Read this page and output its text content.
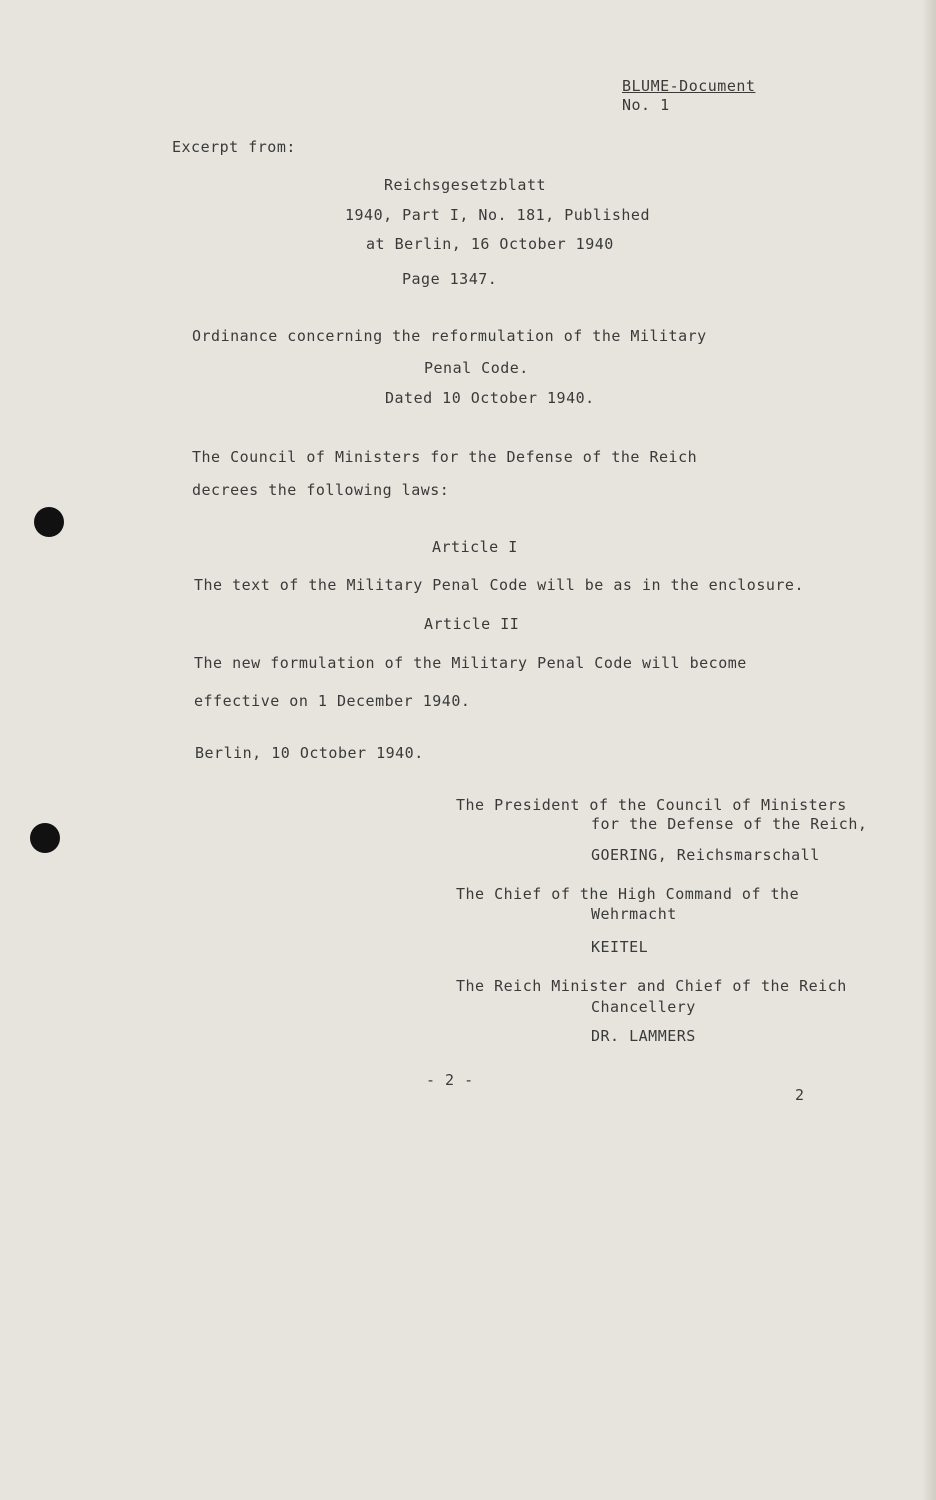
BLUME-Document
No. 1
Excerpt from:
Reichsgesetzblatt
1940, Part I, No. 181, Published
at Berlin, 16 October 1940
Page 1347.
Ordinance concerning the reformulation of the Military
Penal Code.
Dated 10 October 1940.
The Council of Ministers for the Defense of the Reich
decrees the following laws:
Article I
The text of the Military Penal Code will be as in the enclosure.
Article II
The new formulation of the Military Penal Code will become
effective on 1 December 1940.
Berlin, 10 October 1940.
The President of the Council of Ministers
for the Defense of the Reich,
GOERING, Reichsmarschall
The Chief of the High Command of the
Wehrmacht
KEITEL
The Reich Minister and Chief of the Reich
Chancellery
DR. LAMMERS
- 2 -
2
